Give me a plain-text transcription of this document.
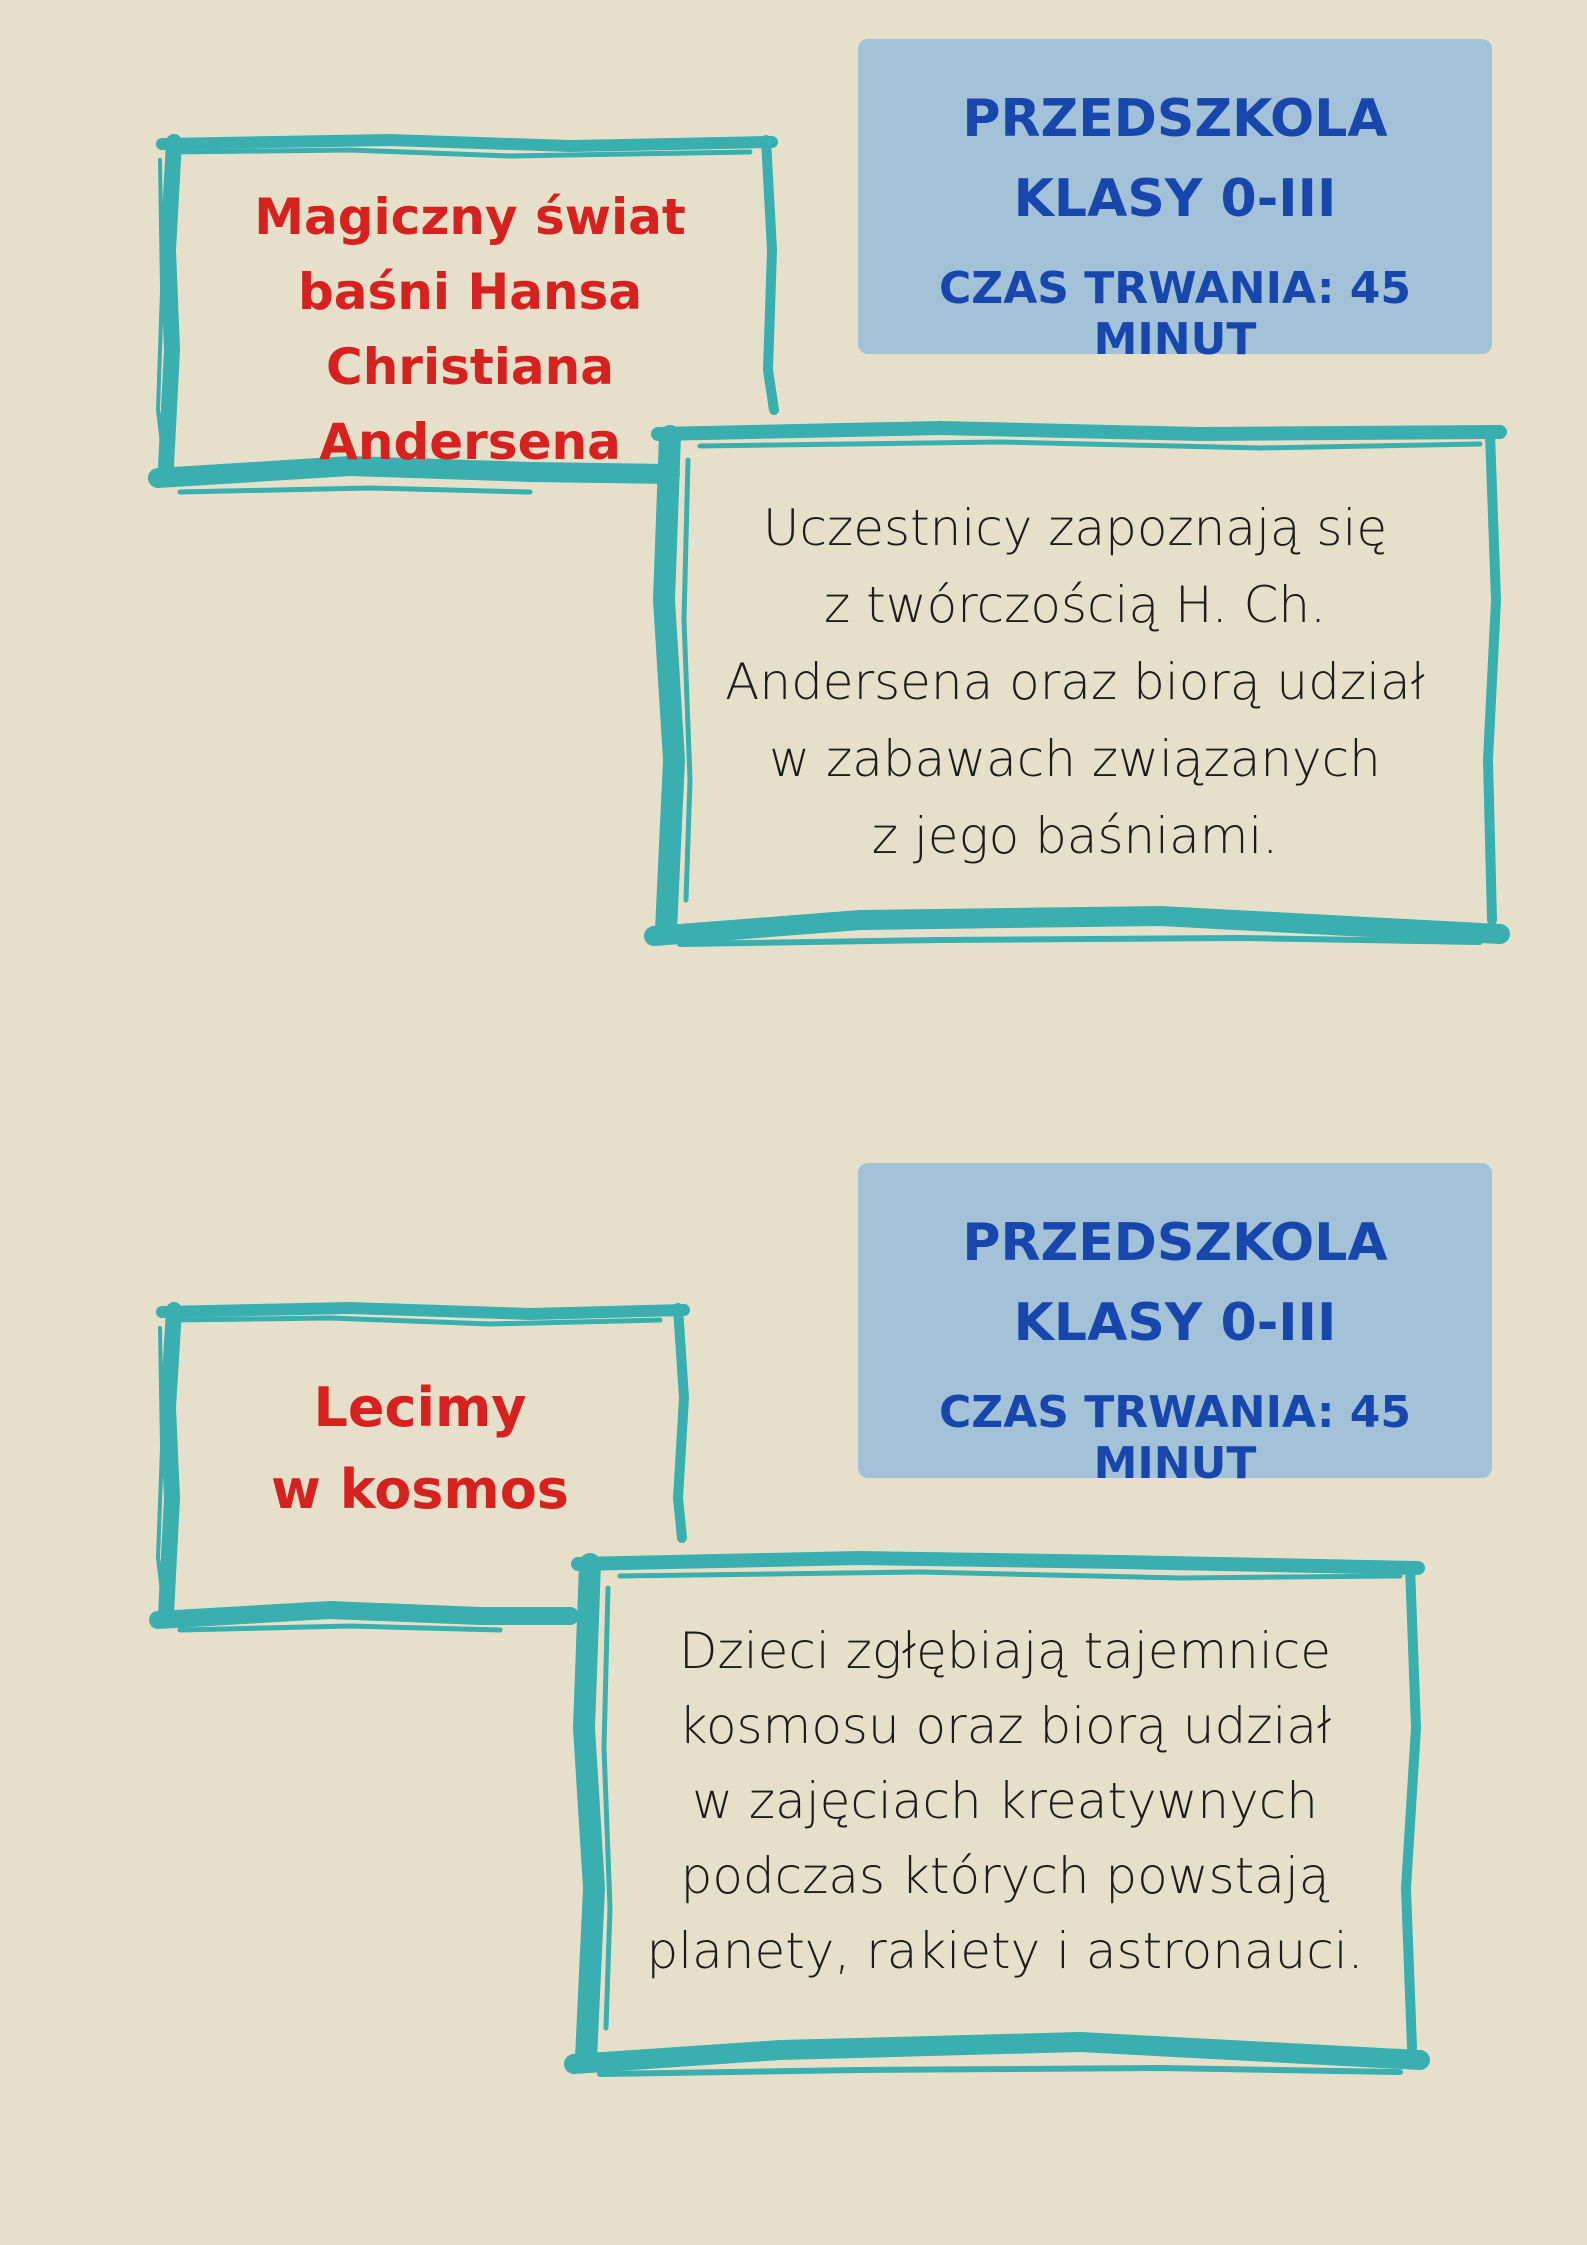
PRZEDSZKOLA
KLASY 0-III
CZAS TRWANIA: 45 MINUT
Magiczny świat
baśni Hansa
Christiana
Andersena
Uczestnicy zapoznają się
z twórczością H. Ch.
Andersena oraz biorą udział
w zabawach związanych
z jego baśniami.
PRZEDSZKOLA
KLASY 0-III
CZAS TRWANIA: 45 MINUT
Lecimy
w kosmos
Dzieci zgłębiają tajemnice
kosmosu oraz biorą udział
w zajęciach kreatywnych
podczas których powstają
planety, rakiety i astronauci.
